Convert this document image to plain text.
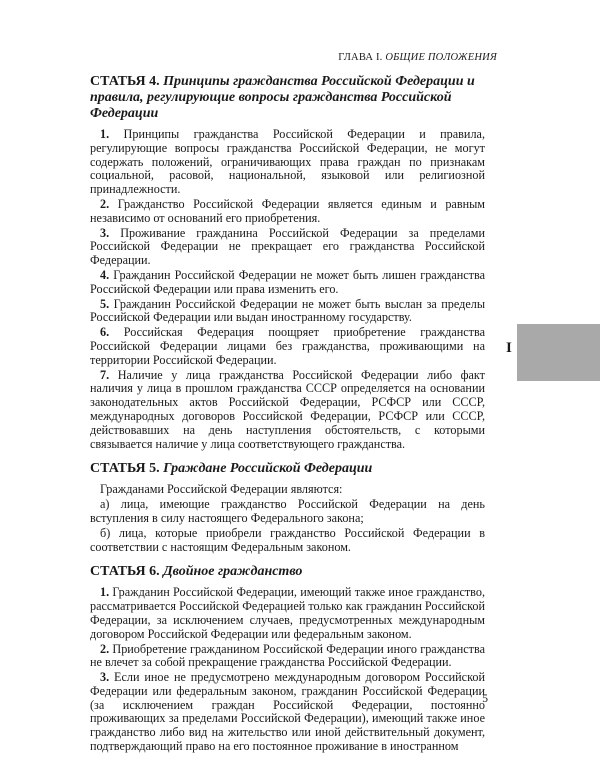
ГЛАВА I. ОБЩИЕ ПОЛОЖЕНИЯ
СТАТЬЯ 4. Принципы гражданства Российской Федерации и правила, регулирующие вопросы гражданства Российской Федерации

1. Принципы гражданства Российской Федерации и правила, регулирующие вопросы гражданства Российской Федерации, не могут содержать положений, ограничивающих права граждан по признакам социальной, расовой, национальной, языковой или религиозной принадлежности.

2. Гражданство Российской Федерации является единым и равным независимо от оснований его приобретения.

3. Проживание гражданина Российской Федерации за пределами Российской Федерации не прекращает его гражданства Российской Федерации.

4. Гражданин Российской Федерации не может быть лишен гражданства Российской Федерации или права изменить его.

5. Гражданин Российской Федерации не может быть выслан за пределы Российской Федерации или выдан иностранному государству.

6. Российская Федерация поощряет приобретение гражданства Российской Федерации лицами без гражданства, проживающими на территории Российской Федерации.

7. Наличие у лица гражданства Российской Федерации либо факт наличия у лица в прошлом гражданства СССР определяется на основании законодательных актов Российской Федерации, РСФСР или СССР, международных договоров Российской Федерации, РСФСР или СССР, действовавших на день наступления обстоятельств, с которыми связывается наличие у лица соответствующего гражданства.

СТАТЬЯ 5. Граждане Российской Федерации

Гражданами Российской Федерации являются:

а) лица, имеющие гражданство Российской Федерации на день вступления в силу настоящего Федерального закона;

б) лица, которые приобрели гражданство Российской Федерации в соответствии с настоящим Федеральным законом.

СТАТЬЯ 6. Двойное гражданство

1. Гражданин Российской Федерации, имеющий также иное гражданство, рассматривается Российской Федерацией только как гражданин Российской Федерации, за исключением случаев, предусмотренных международным договором Российской Федерации или федеральным законом.

2. Приобретение гражданином Российской Федерации иного гражданства не влечет за собой прекращение гражданства Российской Федерации.

3. Если иное не предусмотрено международным договором Российской Федерации или федеральным законом, гражданин Российской Федерации (за исключением граждан Российской Федерации, постоянно проживающих за пределами Российской Федерации), имеющий также иное гражданство либо вид на жительство или иной действительный документ, подтверждающий право на его постоянное проживание в иностранном

I
5
